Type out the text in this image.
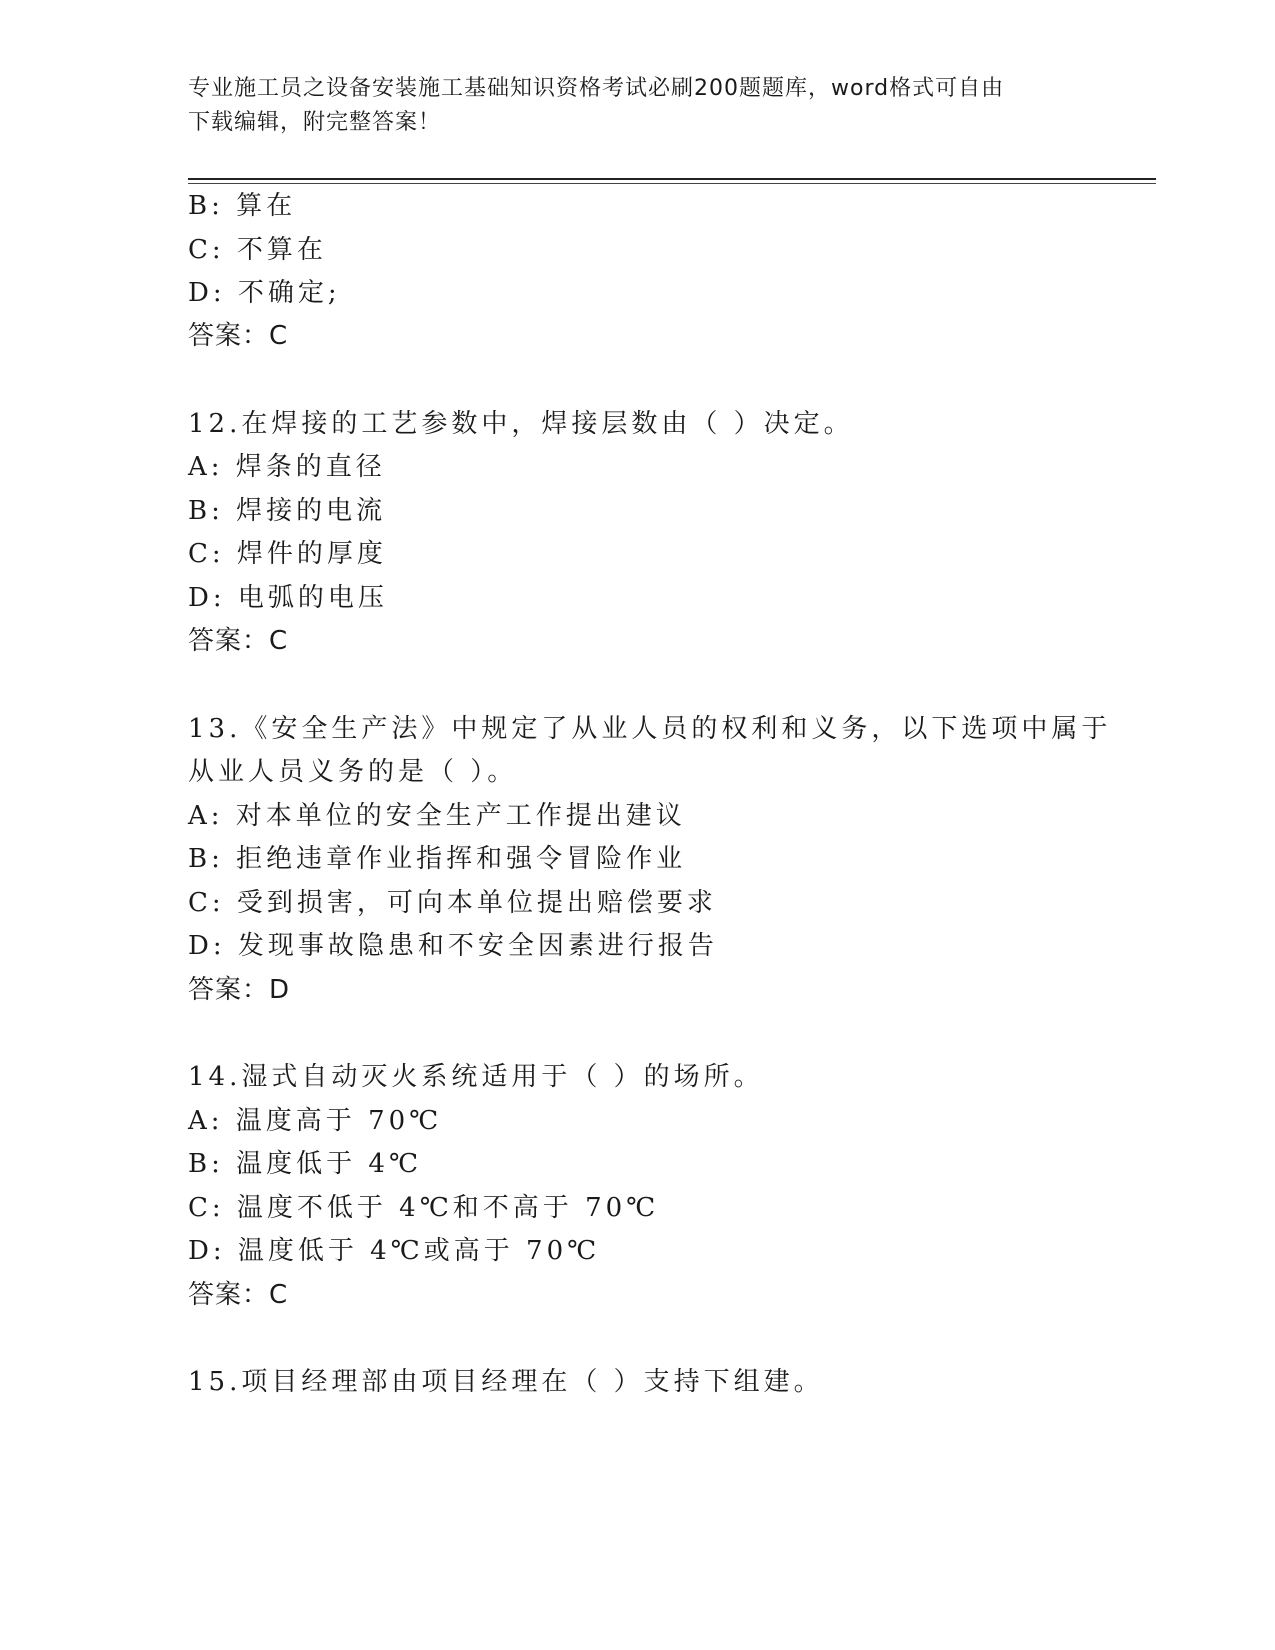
专业施工员之设备安装施工基础知识资格考试必刷200题题库，word格式可自由
下载编辑，附完整答案！
B: 算在
C: 不算在
D: 不确定;
答案：C
12.在焊接的工艺参数中，焊接层数由（ ）决定。
A: 焊条的直径
B: 焊接的电流
C: 焊件的厚度
D: 电弧的电压
答案：C
13.《安全生产法》中规定了从业人员的权利和义务，以下选项中属于
从业人员义务的是（ ）。
A: 对本单位的安全生产工作提出建议
B: 拒绝违章作业指挥和强令冒险作业
C: 受到损害，可向本单位提出赔偿要求
D: 发现事故隐患和不安全因素进行报告
答案：D
14.湿式自动灭火系统适用于（ ）的场所。
A: 温度高于 70℃
B: 温度低于 4℃
C: 温度不低于 4℃和不高于 70℃
D: 温度低于 4℃或高于 70℃
答案：C
15.项目经理部由项目经理在（ ）支持下组建。
